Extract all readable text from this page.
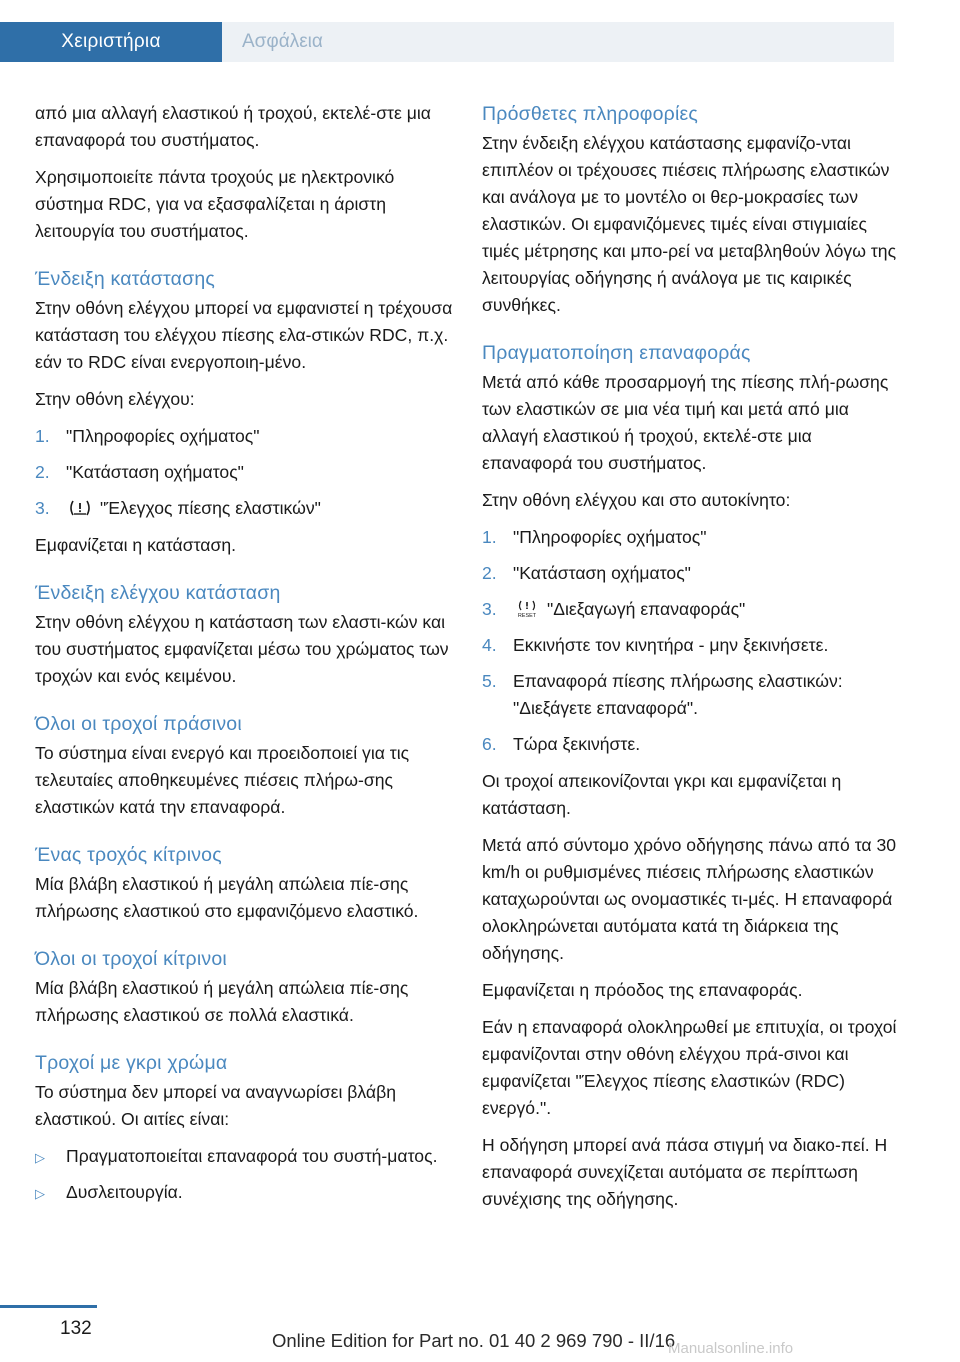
Χειριστήρια	Ασφάλεια

από μια αλλαγή ελαστικού ή τροχού, εκτελέ‐στε μια επαναφορά του συστήματος.

Χρησιμοποιείτε πάντα τροχούς με ηλεκτρονικό σύστημα RDC, για να εξασφαλίζεται η άριστη λειτουργία του συστήματος.

Ένδειξη κατάστασης

Στην οθόνη ελέγχου μπορεί να εμφανιστεί η τρέχουσα κατάσταση του ελέγχου πίεσης ελα‐στικών RDC, π.χ. εάν το RDC είναι ενεργοποιη‐μένο.

Στην οθόνη ελέγχου:

1. "Πληροφορίες οχήματος"
2. "Κατάσταση οχήματος"
3.	"Έλεγχος πίεσης ελαστικών"

Εμφανίζεται η κατάσταση.

Ένδειξη ελέγχου κατάσταση

Στην οθόνη ελέγχου η κατάσταση των ελαστι‐κών και του συστήματος εμφανίζεται μέσω του χρώματος των τροχών και ενός κειμένου.

Όλοι οι τροχοί πράσινοι

Το σύστημα είναι ενεργό και προειδοποιεί για τις τελευταίες αποθηκευμένες πιέσεις πλήρω‐σης ελαστικών κατά την επαναφορά.

Ένας τροχός κίτρινος

Μία βλάβη ελαστικού ή μεγάλη απώλεια πίε‐σης πλήρωσης ελαστικού στο εμφανιζόμενο ελαστικό.

Όλοι οι τροχοί κίτρινοι

Μία βλάβη ελαστικού ή μεγάλη απώλεια πίε‐σης πλήρωσης ελαστικού σε πολλά ελαστικά.

Τροχοί με γκρι χρώμα

Το σύστημα δεν μπορεί να αναγνωρίσει βλάβη ελαστικού. Οι αιτίες είναι:

▷ Πραγματοποιείται επαναφορά του συστή‐ματος.
▷ Δυσλειτουργία.
Πρόσθετες πληροφορίες

Στην ένδειξη ελέγχου κατάστασης εμφανίζο‐νται επιπλέον οι τρέχουσες πιέσεις πλήρωσης ελαστικών και ανάλογα με το μοντέλο οι θερ‐μοκρασίες των ελαστικών. Οι εμφανιζόμενες τιμές είναι στιγμιαίες τιμές μέτρησης και μπο‐ρεί να μεταβληθούν λόγω της λειτουργίας οδήγησης ή ανάλογα με τις καιρικές συνθήκες.

Πραγματοποίηση επαναφοράς

Μετά από κάθε προσαρμογή της πίεσης πλή‐ρωσης των ελαστικών σε μια νέα τιμή και μετά από μια αλλαγή ελαστικού ή τροχού, εκτελέ‐στε μια επαναφορά του συστήματος.

Στην οθόνη ελέγχου και στο αυτοκίνητο:

1. "Πληροφορίες οχήματος"
2. "Κατάσταση οχήματος"
3.	RESET "Διεξαγωγή επαναφοράς"
4. Εκκινήστε τον κινητήρα - μην ξεκινήσετε.
5. Επαναφορά πίεσης πλήρωσης ελαστικών: "Διεξάγετε επαναφορά".
6. Τώρα ξεκινήστε.

Οι τροχοί απεικονίζονται γκρι και εμφανίζεται η κατάσταση.

Μετά από σύντομο χρόνο οδήγησης πάνω από τα 30 km/h οι ρυθμισμένες πιέσεις πλήρωσης ελαστικών καταχωρούνται ως ονομαστικές τι‐μές. Η επαναφορά ολοκληρώνεται αυτόματα κατά τη διάρκεια της οδήγησης.

Εμφανίζεται η πρόοδος της επαναφοράς.

Εάν η επαναφορά ολοκληρωθεί με επιτυχία, οι τροχοί εμφανίζονται στην οθόνη ελέγχου πρά‐σινοι και εμφανίζεται "Έλεγχος πίεσης ελαστικών (RDC) ενεργό.".

Η οδήγηση μπορεί ανά πάσα στιγμή να διακο‐πεί. Η επαναφορά συνεχίζεται αυτόματα σε περίπτωση συνέχισης της οδήγησης.

132
Online Edition for Part no. 01 40 2 969 790 - II/16
Manualsonline.info
